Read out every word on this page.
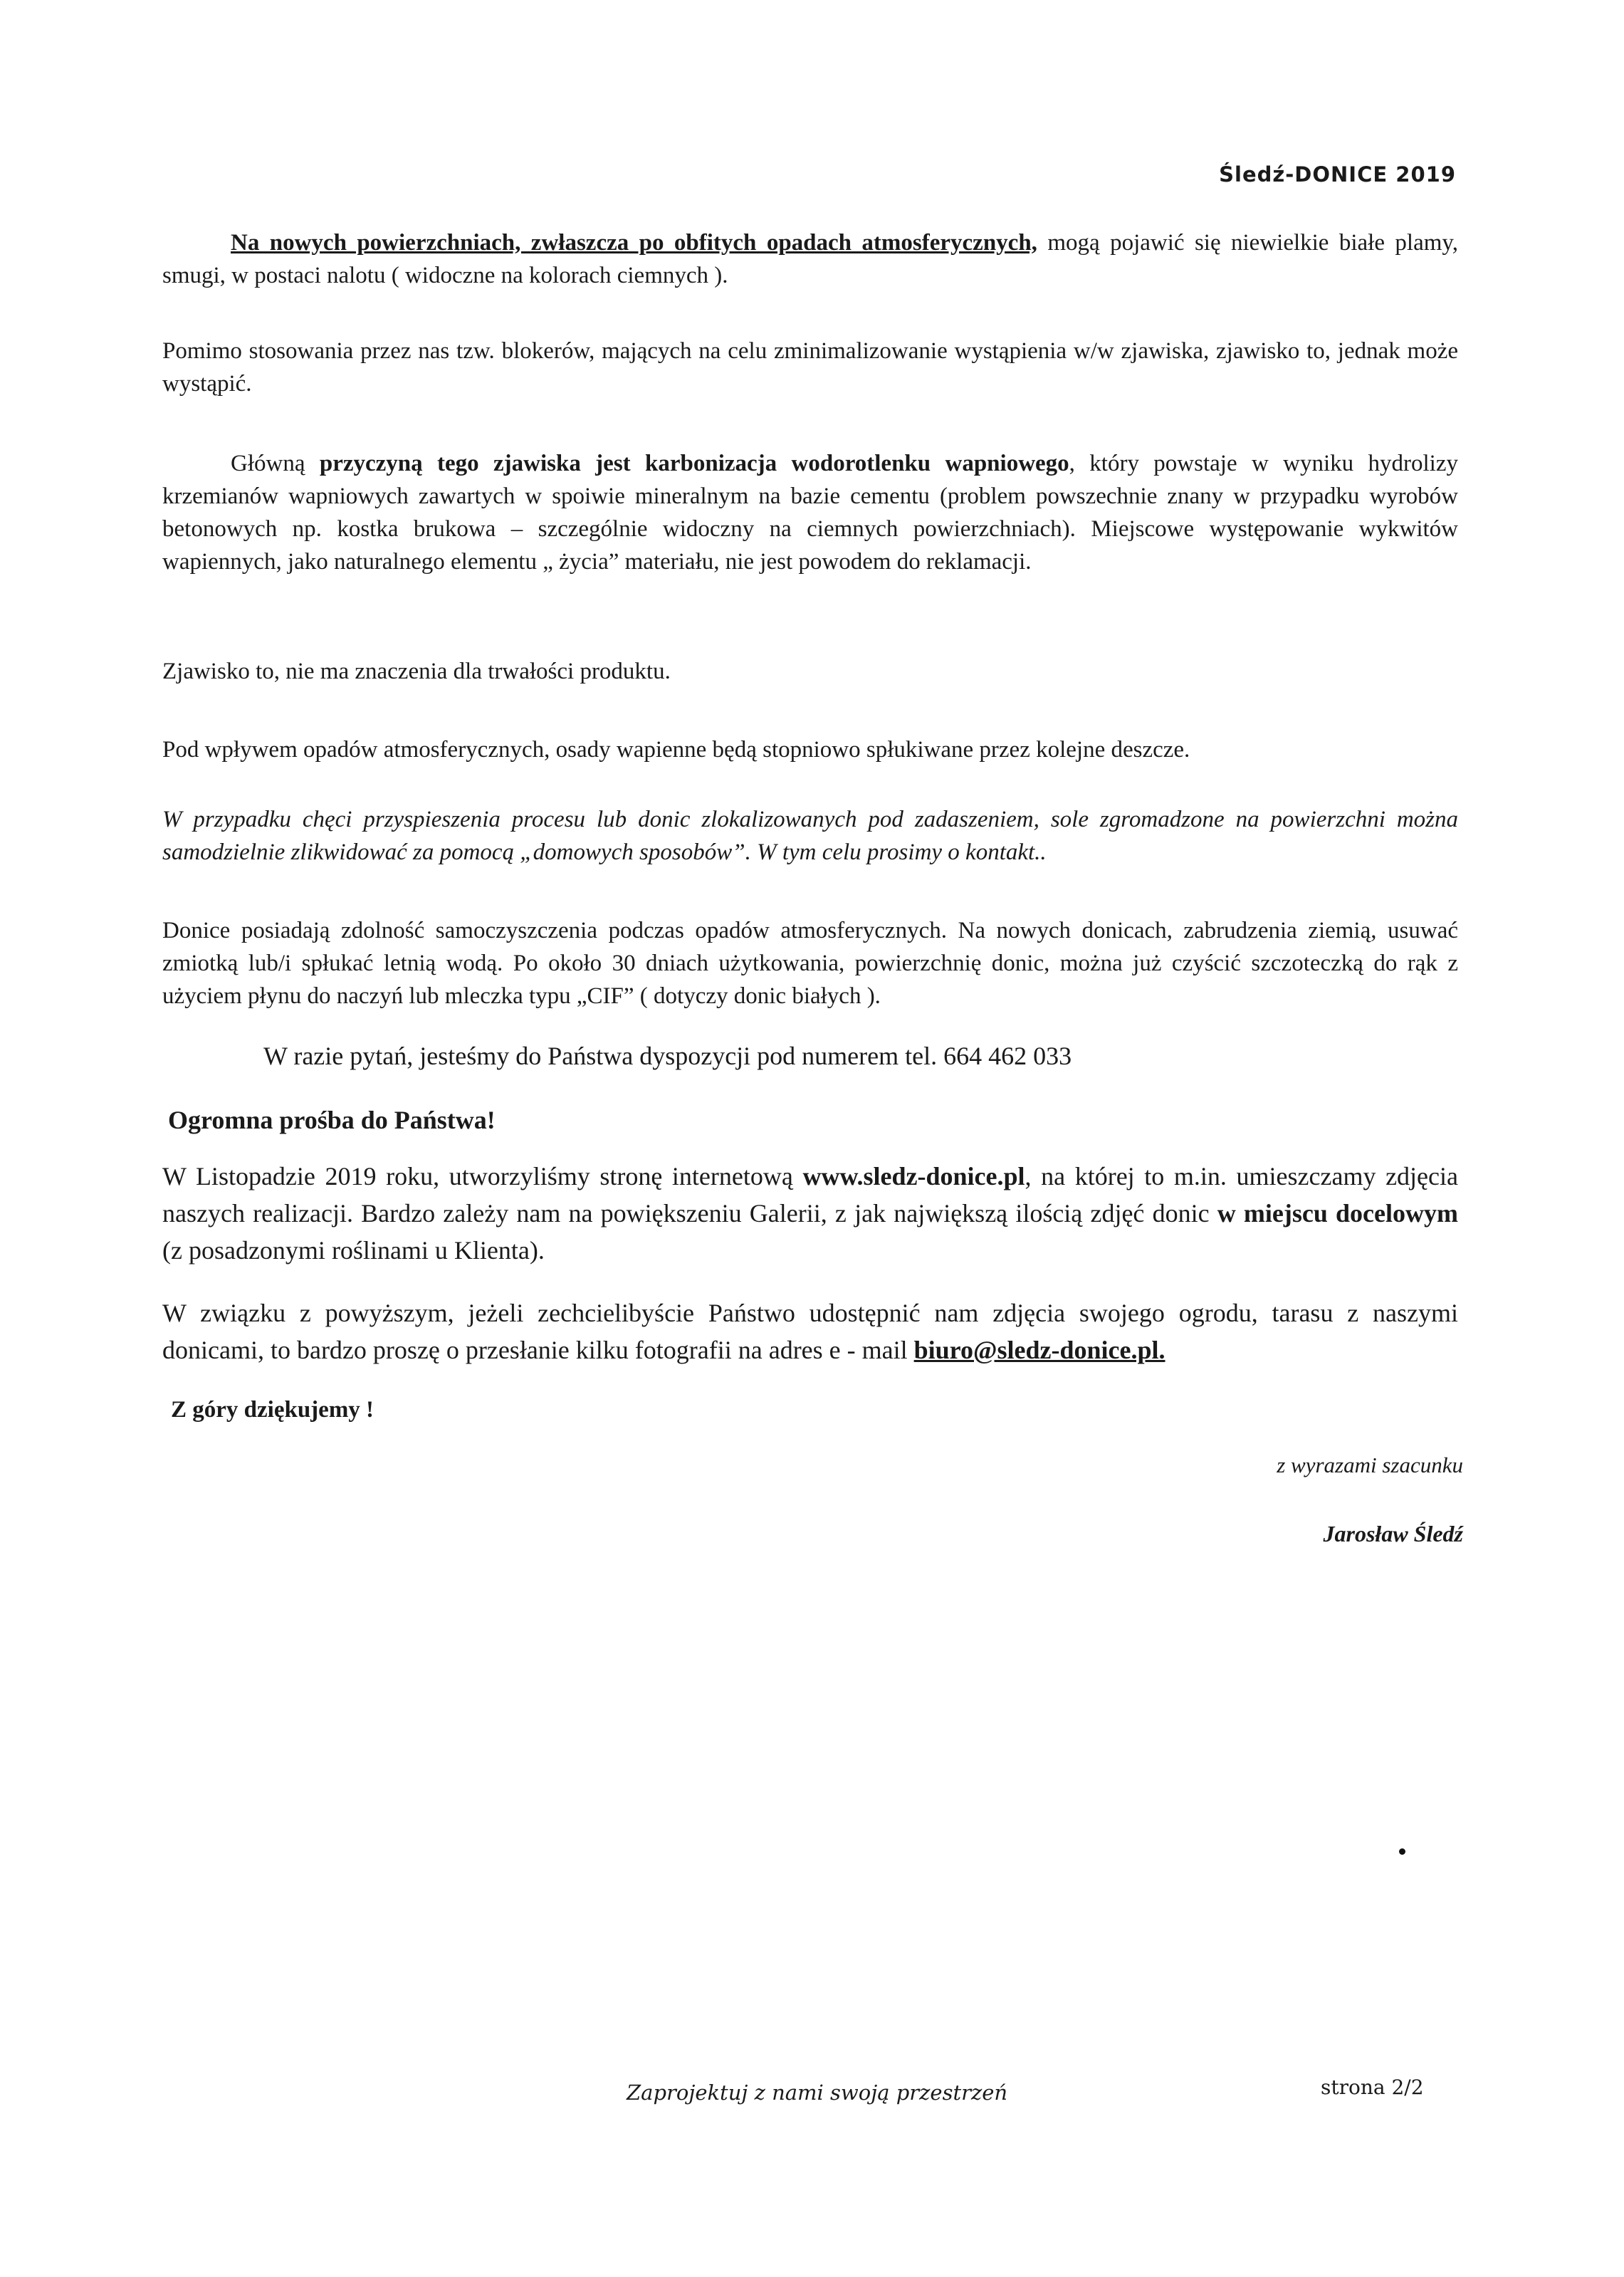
Śledź-DONICE 2019

Na nowych powierzchniach, zwłaszcza po obfitych opadach atmosferycznych, mogą pojawić się niewielkie białe plamy, smugi, w postaci nalotu ( widoczne na kolorach ciemnych ).

Pomimo stosowania przez nas tzw. blokerów, mających na celu zminimalizowanie wystąpienia w/w zjawiska, zjawisko to, jednak może wystąpić.

Główną przyczyną tego zjawiska jest karbonizacja wodorotlenku wapniowego, który powstaje w wyniku hydrolizy krzemianów wapniowych zawartych w spoiwie mineralnym na bazie cementu (problem powszechnie znany w przypadku wyrobów betonowych np. kostka brukowa – szczególnie widoczny na ciemnych powierzchniach). Miejscowe występowanie wykwitów wapiennych, jako naturalnego elementu „ życia” materiału, nie jest powodem do reklamacji.

Zjawisko to, nie ma znaczenia dla trwałości produktu.

Pod wpływem opadów atmosferycznych, osady wapienne będą stopniowo spłukiwane przez kolejne deszcze.

W przypadku chęci przyspieszenia procesu lub donic zlokalizowanych pod zadaszeniem, sole zgromadzone na powierzchni można samodzielnie zlikwidować za pomocą „domowych sposobów”. W tym celu prosimy o kontakt..

Donice posiadają zdolność samoczyszczenia podczas opadów atmosferycznych. Na nowych donicach, zabrudzenia ziemią, usuwać zmiotką lub/i spłukać letnią wodą. Po około 30 dniach użytkowania, powierzchnię donic, można już czyścić szczoteczką do rąk z użyciem płynu do naczyń lub mleczka typu „CIF” ( dotyczy donic białych ).

W razie pytań, jesteśmy do Państwa dyspozycji pod numerem tel. 664 462 033
Ogromna prośba do Państwa!

W Listopadzie 2019 roku, utworzyliśmy stronę internetową www.sledz-donice.pl, na której to m.in. umieszczamy zdjęcia naszych realizacji. Bardzo zależy nam na powiększeniu Galerii, z jak największą ilością zdjęć donic w miejscu docelowym (z posadzonymi roślinami u Klienta).

W związku z powyższym, jeżeli zechcielibyście Państwo udostępnić nam zdjęcia swojego ogrodu, tarasu z naszymi donicami, to bardzo proszę o przesłanie kilku fotografii na adres e - mail biuro@sledz-donice.pl.

Z góry dziękujemy !
z wyrazami szacunku
Jarosław Śledź
Zaprojektuj z nami swoją przestrzeń	strona 2/2
